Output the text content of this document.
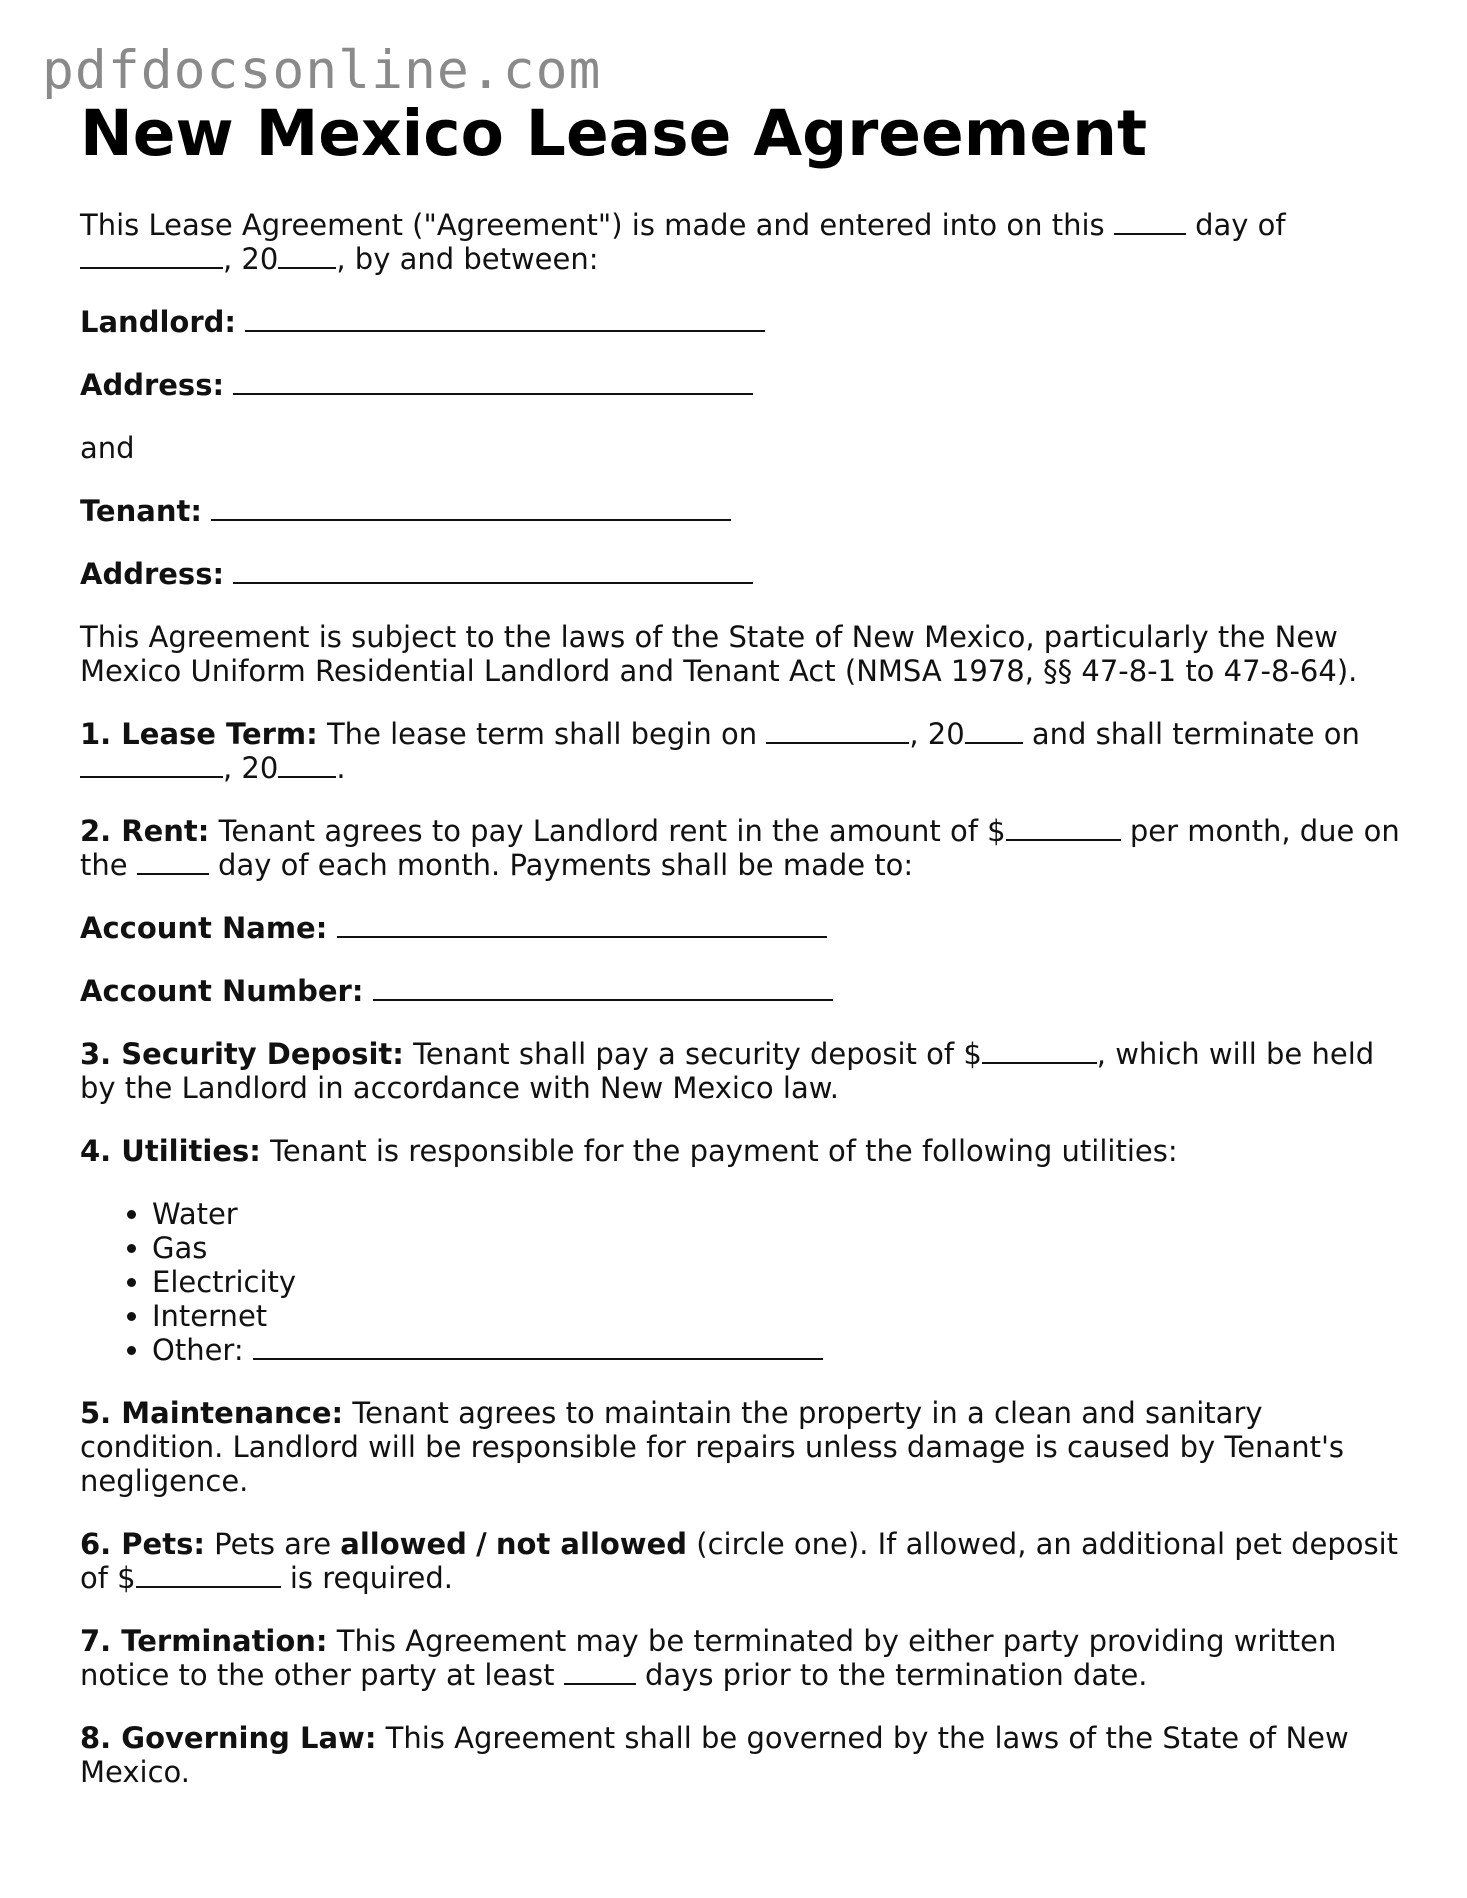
pdfdocsonline.com
New Mexico Lease Agreement

This Lease Agreement ("Agreement") is made and entered into on this	day of , 20 , by and between:

Landlord:

Address:

and

Tenant:

Address:

This Agreement is subject to the laws of the State of New Mexico, particularly the New Mexico Uniform Residential Landlord and Tenant Act (NMSA 1978, §§ 47-8-1 to 47-8-64).

1. Lease Term: The lease term shall begin on	, 20 and shall terminate on , 20 .

2. Rent: Tenant agrees to pay Landlord rent in the amount of $	per month, due on the	day of each month. Payments shall be made to:

Account Name:

Account Number:

3. Security Deposit: Tenant shall pay a security deposit of $	, which will be held by the Landlord in accordance with New Mexico law.

4. Utilities: Tenant is responsible for the payment of the following utilities:

• Water
• Gas
• Electricity
• Internet
• Other:

5. Maintenance: Tenant agrees to maintain the property in a clean and sanitary condition. Landlord will be responsible for repairs unless damage is caused by Tenant's negligence.

6. Pets: Pets are allowed / not allowed (circle one). If allowed, an additional pet deposit of $	is required.

7. Termination: This Agreement may be terminated by either party providing written notice to the other party at least	days prior to the termination date.

8. Governing Law: This Agreement shall be governed by the laws of the State of New Mexico.
